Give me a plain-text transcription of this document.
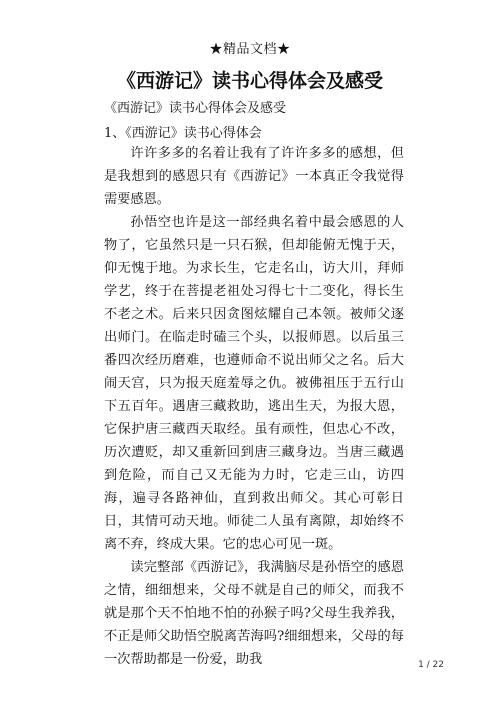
★精品文档★
《西游记》读书心得体会及感受
《西游记》读书心得体会及感受
1、《西游记》读书心得体会

许许多多的名着让我有了许许多多的感想，但是我想到的感恩只有《西游记》一本真正令我觉得需要感恩。

孙悟空也许是这一部经典名着中最会感恩的人物了，它虽然只是一只石猴，但却能俯无愧于天，仰无愧于地。为求长生，它走名山，访大川，拜师学艺，终于在菩提老祖处习得七十二变化，得长生不老之术。后来只因贪图炫耀自己本领。被师父逐出师门。在临走时磕三个头，以报师恩。以后虽三番四次经历磨难，也遵师命不说出师父之名。后大闹天宫，只为报天庭羞辱之仇。被佛祖压于五行山下五百年。遇唐三藏救助，逃出生天，为报大恩，它保护唐三藏西天取经。虽有顽性，但忠心不改，历次遭贬，却又重新回到唐三藏身边。当唐三藏遇到危险，而自己又无能为力时，它走三山，访四海，遍寻各路神仙，直到救出师父。其心可彰日日，其情可动天地。师徒二人虽有离隙，却始终不离不弃，终成大果。它的忠心可见一斑。

读完整部《西游记》，我满脑尽是孙悟空的感恩之情，细细想来，父母不就是自己的师父，而我不就是那个天不怕地不怕的孙猴子吗?父母生我养我，不正是师父助悟空脱离苦海吗?细细想来，父母的每一次帮助都是一份爱，助我	1 / 22
